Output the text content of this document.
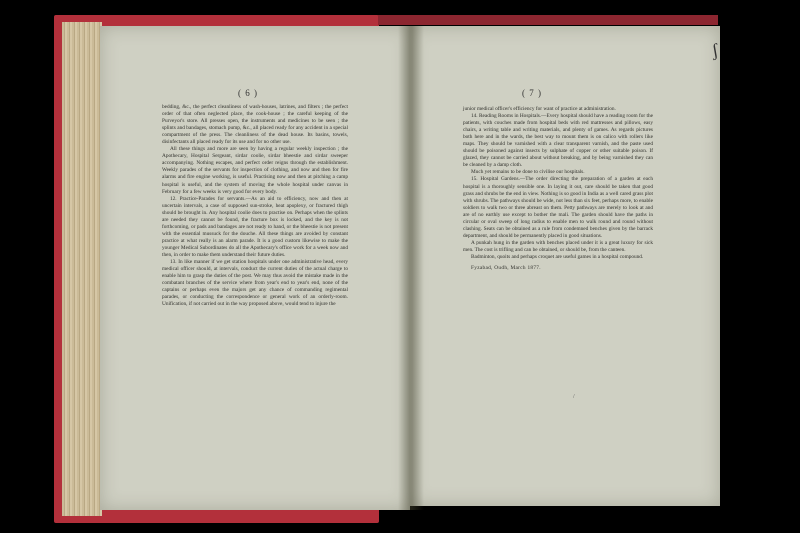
( 6 )	( 7 )

bedding, &c., the perfect cleanliness of wash-houses, latrines, and filters ; the perfect order of that often neglected place, the cook-house ; the careful keeping of the Purveyor's store. All presses open, the instruments and medicines to be seen ; the splints and bandages, stomach pump, &c., all placed ready for any accident in a special compartment of the press. The cleanliness of the dead house. Its basins, towels, disinfectants all placed ready for its use and for no other use.

All these things and more are seen by having a regular weekly inspection ; the Apothecary, Hospital Sergeant, sirdar coolie, sirdar bheestie and sirdar sweeper accompanying. Nothing escapes, and perfect order reigns through the establishment. Weekly parades of the servants for inspection of clothing, and now and then for fire alarms and fire engine working, is useful. Practising now and then at pitching a camp hospital is useful, and the system of moving the whole hospital under canvas in February for a few weeks is very good for every body.

12. Practice-Parades for servants.—As an aid to efficiency, now and then at uncertain intervals, a case of supposed sun-stroke, heat apoplexy, or fractured thigh should be brought in. Any hospital coolie does to practise on. Perhaps when the splints are needed they cannot be found, the fracture box is locked, and the key is not forthcoming, or pads and bandages are not ready to hand, or the bheestie is not present with the essential mussuck for the douche. All these things are avoided by constant practice at what really is an alarm parade. It is a good custom likewise to make the younger Medical Subordinates do all the Apothecary's office work for a week now and then, in order to make them understand their future duties.

13. In like manner if we get station hospitals under one administrative head, every medical officer should, at intervals, conduct the current duties of the actual charge to enable him to grasp the duties of the post. We may thus avoid the mistake made in the combatant branches of the service where from year's end to year's end, none of the captains or perhaps even the majors get any chance of commanding regimental parades, or conducting the correspondence or general work of an orderly-room. Unification, if not carried out in the way proposed above, would tend to injure the

junior medical officer's efficiency for want of practice at administration.

14. Reading Rooms in Hospitals.—Every hospital should have a reading room for the patients, with couches made from hospital beds with red mattresses and pillows, easy chairs, a writing table and writing materials, and plenty of games. As regards pictures both here and in the wards, the best way to mount them is on calico with rollers like maps. They should be varnished with a clear transparent varnish, and the paste used should be poisoned against insects by sulphate of copper or other suitable poison. If glazed, they cannot be carried about without breaking, and by being varnished they can be cleaned by a damp cloth.

Much yet remains to be done to civilise our hospitals.

15. Hospital Gardens.—The order directing the preparation of a garden at each hospital is a thoroughly sensible one. In laying it out, care should be taken that good grass and shrubs be the end in view. Nothing is so good in India as a well cared grass plot with shrubs. The pathways should be wide, not less than six feet, perhaps more, to enable soldiers to walk two or three abreast on them. Petty pathways are merely to look at and are of no earthly use except to bother the mali. The garden should have the paths in circular or oval sweep of long radius to enable men to walk round and round without clashing. Seats can be obtained as a rule from condemned benches given by the barrack department, and should be permanently placed in good situations.

A punkah hung in the garden with benches placed under it is a great luxury for sick men. The cost is trifling and can be obtained, or should be, from the canteen.

Badminton, quoits and perhaps croquet are useful games in a hospital compound.

Fyzabad, Oudh, March 1877.

ʃ
/
